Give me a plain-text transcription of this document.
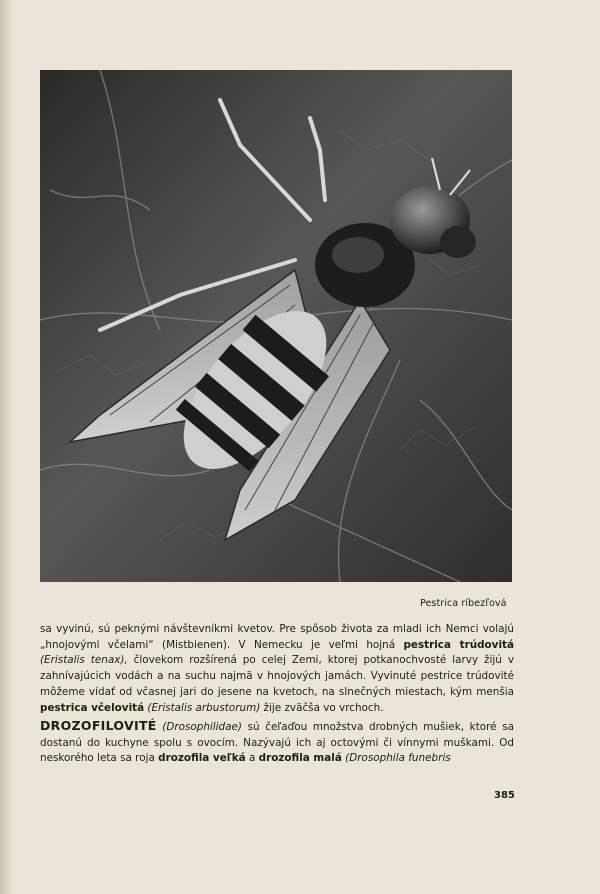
Pestrica ríbezľová
sa vyvinú, sú peknými návštevníkmi kvetov. Pre spôsob života za mladi ich Nemci volajú „hnojovými včelami“ (Mistbienen). V Nemecku je veľmi hojná pestrica trúdovitá (Eristalis tenax), človekom rozšírená po celej Zemi, ktorej potkanochvosté larvy žijú v zahnívajúcich vodách a na suchu najmä v hnojových jamách. Vyvinuté pestrice trúdovité môžeme vídať od včasnej jari do jesene na kvetoch, na slnečných miestach, kým menšia pestrica včelovitá (Eristalis arbustorum) žije zväčša vo vrchoch.
DROZOFILOVITÉ (Drosophilidae) sú čeľaďou množstva drobných mušiek, ktoré sa dostanú do kuchyne spolu s ovocím. Nazývajú ich aj octovými či vínnymi muškami. Od neskorého leta sa roja drozofila veľká a drozofila malá (Drosophila funebris
385
